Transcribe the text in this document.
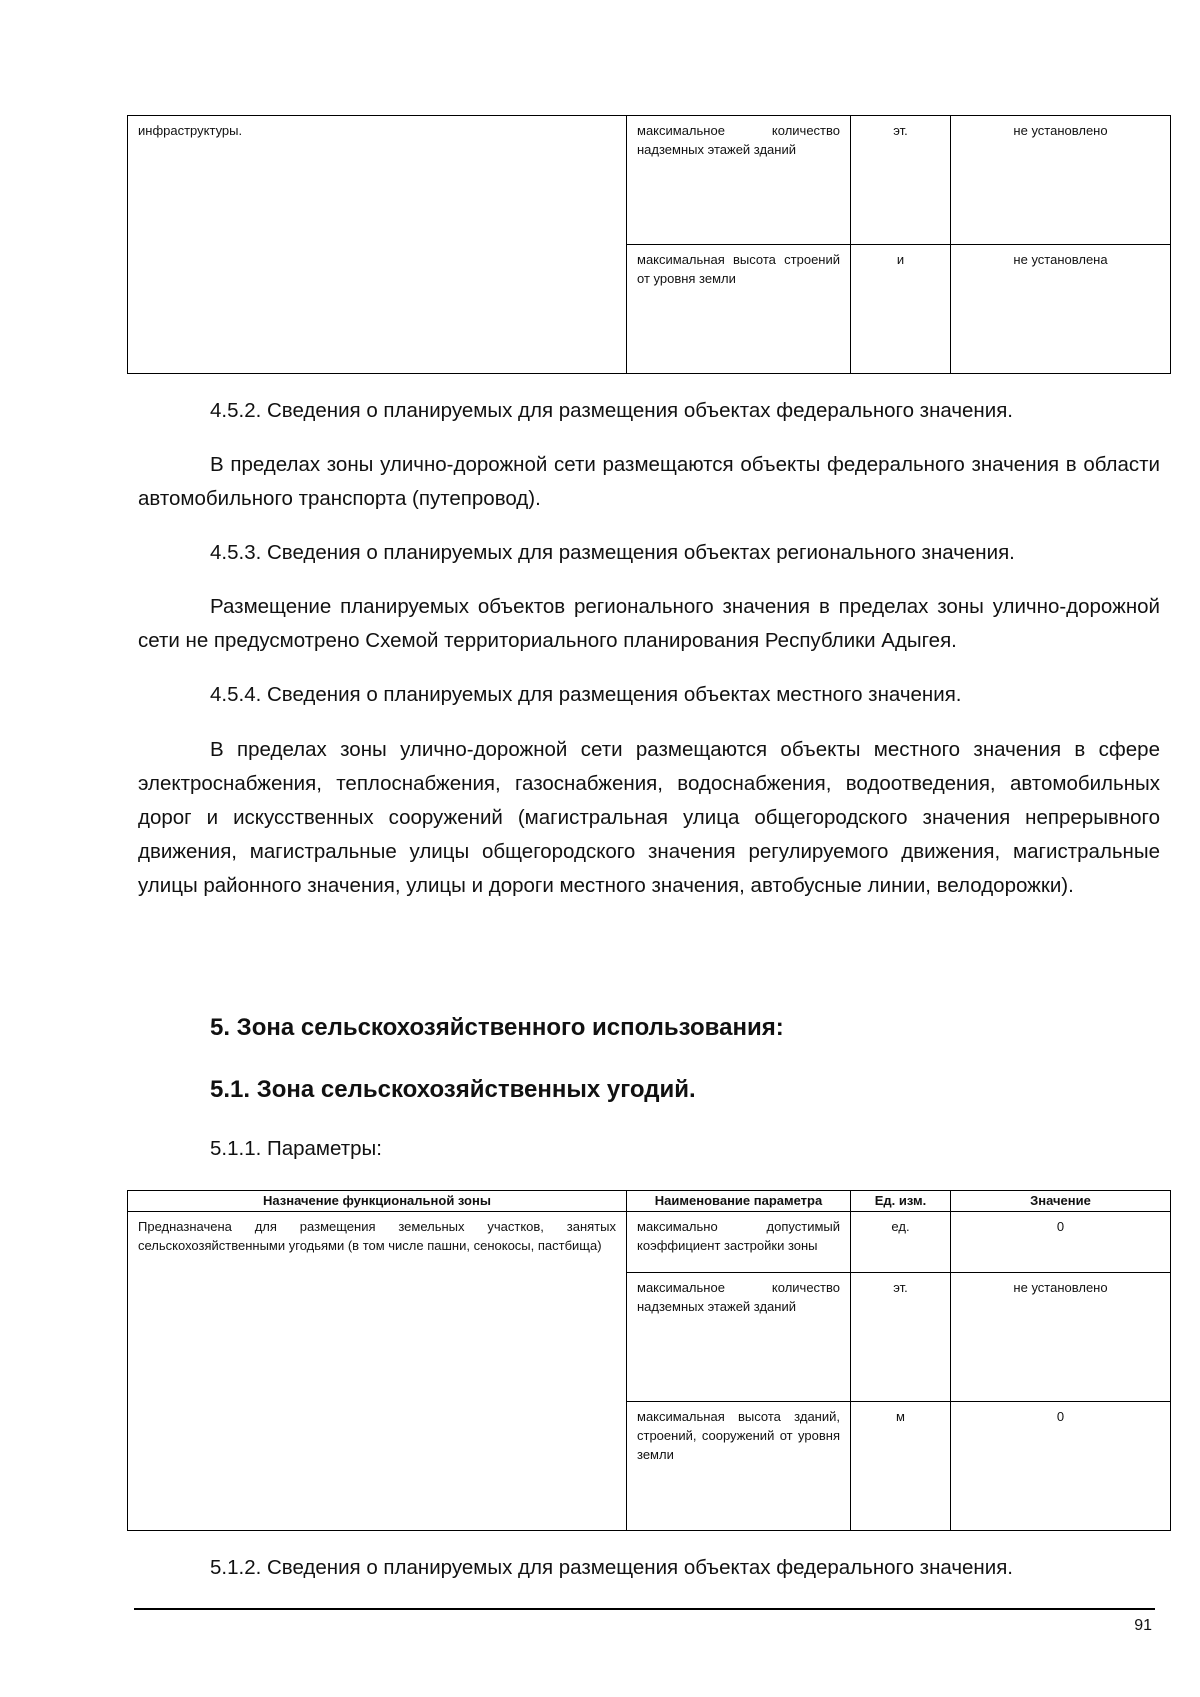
инфраструктуры.	максимальное количество надземных этажей зданий	эт.	не установлено
	максимальная высота строений от уровня земли	и	не установлена
4.5.2. Сведения о планируемых для размещения объектах федерального значения.
В пределах зоны улично-дорожной сети размещаются объекты федерального значения в области автомобильного транспорта (путепровод).
4.5.3. Сведения о планируемых для размещения объектах регионального значения.
Размещение планируемых объектов регионального значения в пределах зоны улично-дорожной сети не предусмотрено Схемой территориального планирования Республики Адыгея.
4.5.4. Сведения о планируемых для размещения объектах местного значения.
В пределах зоны улично-дорожной сети размещаются объекты местного значения в сфере электроснабжения, теплоснабжения, газоснабжения, водоснабжения, водоотведения, автомобильных дорог и искусственных сооружений (магистральная улица общегородского значения непрерывного движения, магистральные улицы общегородского значения регулируемого движения, магистральные улицы районного значения, улицы и дороги местного значения, автобусные линии, велодорожки).
5. Зона сельскохозяйственного использования:
5.1. Зона сельскохозяйственных угодий.
5.1.1. Параметры:
Назначение функциональной зоны	Наименование параметра	Ед. изм.	Значение
Предназначена для размещения земельных участков, занятых сельскохозяйственными угодьями (в том числе пашни, сенокосы, пастбища)	максимально допустимый коэффициент застройки зоны	ед.	0
	максимальное количество надземных этажей зданий	эт.	не установлено
	максимальная высота зданий, строений, сооружений от уровня земли	м	0
5.1.2. Сведения о планируемых для размещения объектах федерального значения.
91
